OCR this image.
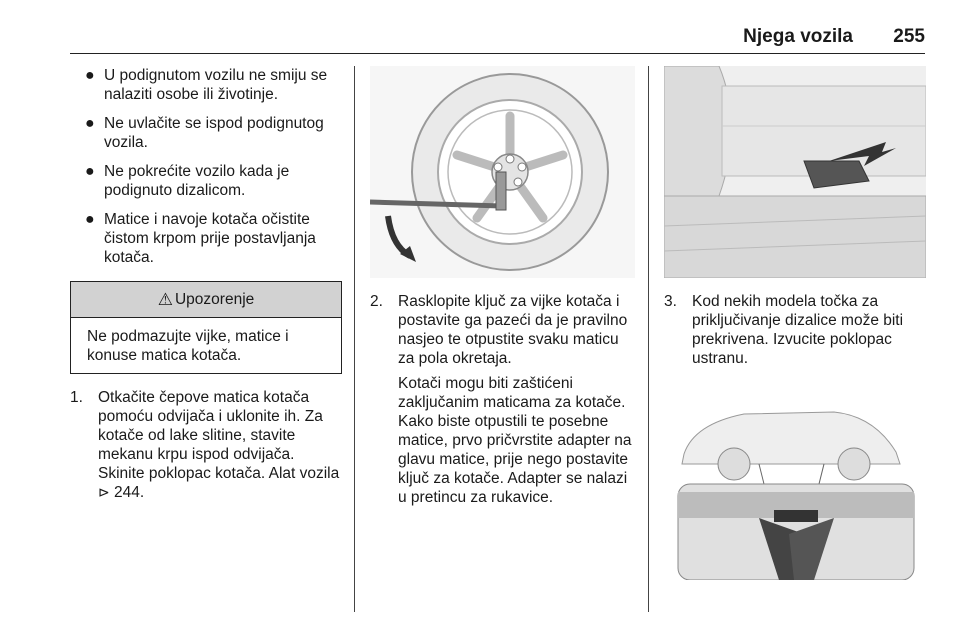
Njega vozila 255
● U podignutom vozilu ne smiju se nalaziti osobe ili životinje.
● Ne uvlačite se ispod podignutog vozila.
● Ne pokrećite vozilo kada je podignuto dizalicom.
● Matice i navoje kotača očistite čistom krpom prije postavljanja kotača.
⚠ Upozorenje
Ne podmazujte vijke, matice i konuse matica kotača.
1. Otkačite čepove matica kotača pomoću odvijača i uklonite ih. Za kotače od lake slitine, stavite mekanu krpu ispod odvijača. Skinite poklopac kotača. Alat vozila ⊳ 244.

2. Rasklopite ključ za vijke kotača i postavite ga pazeći da je pravilno nasjeo te otpustite svaku maticu za pola okretaja.

Kotači mogu biti zaštićeni zaključanim maticama za kotače. Kako biste otpustili te posebne matice, prvo pričvrstite adapter na glavu matice, prije nego postavite ključ za kotače. Adapter se nalazi u pretincu za rukavice.

3. Kod nekih modela točka za priključivanje dizalice može biti prekrivena. Izvucite poklopac ustranu.
